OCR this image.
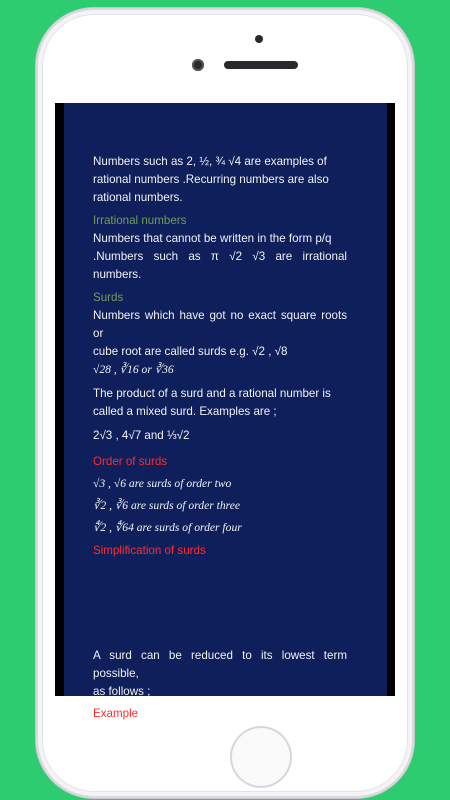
Numbers such as 2, ½, ¾ √4 are examples of

rational numbers .Recurring numbers are also

rational numbers.

Irrational numbers

Numbers that cannot be written in the form p/q

.Numbers such as π √2 √3 are irrational numbers.

Surds

Numbers which have got no exact square roots or

cube root are called surds e.g. √2 , √8

√28 , ∛16 or ∛36

The product of a surd and a rational number is

called a mixed surd. Examples are ;

2√3 , 4√7 and ⅓√2

Order of surds

√3 , √6 are surds of order two

∛2 , ∛6 are surds of order three

∜2 , ∜64 are surds of order four

Simplification of surds

A surd can be reduced to its lowest term possible,

as follows ;

Example
